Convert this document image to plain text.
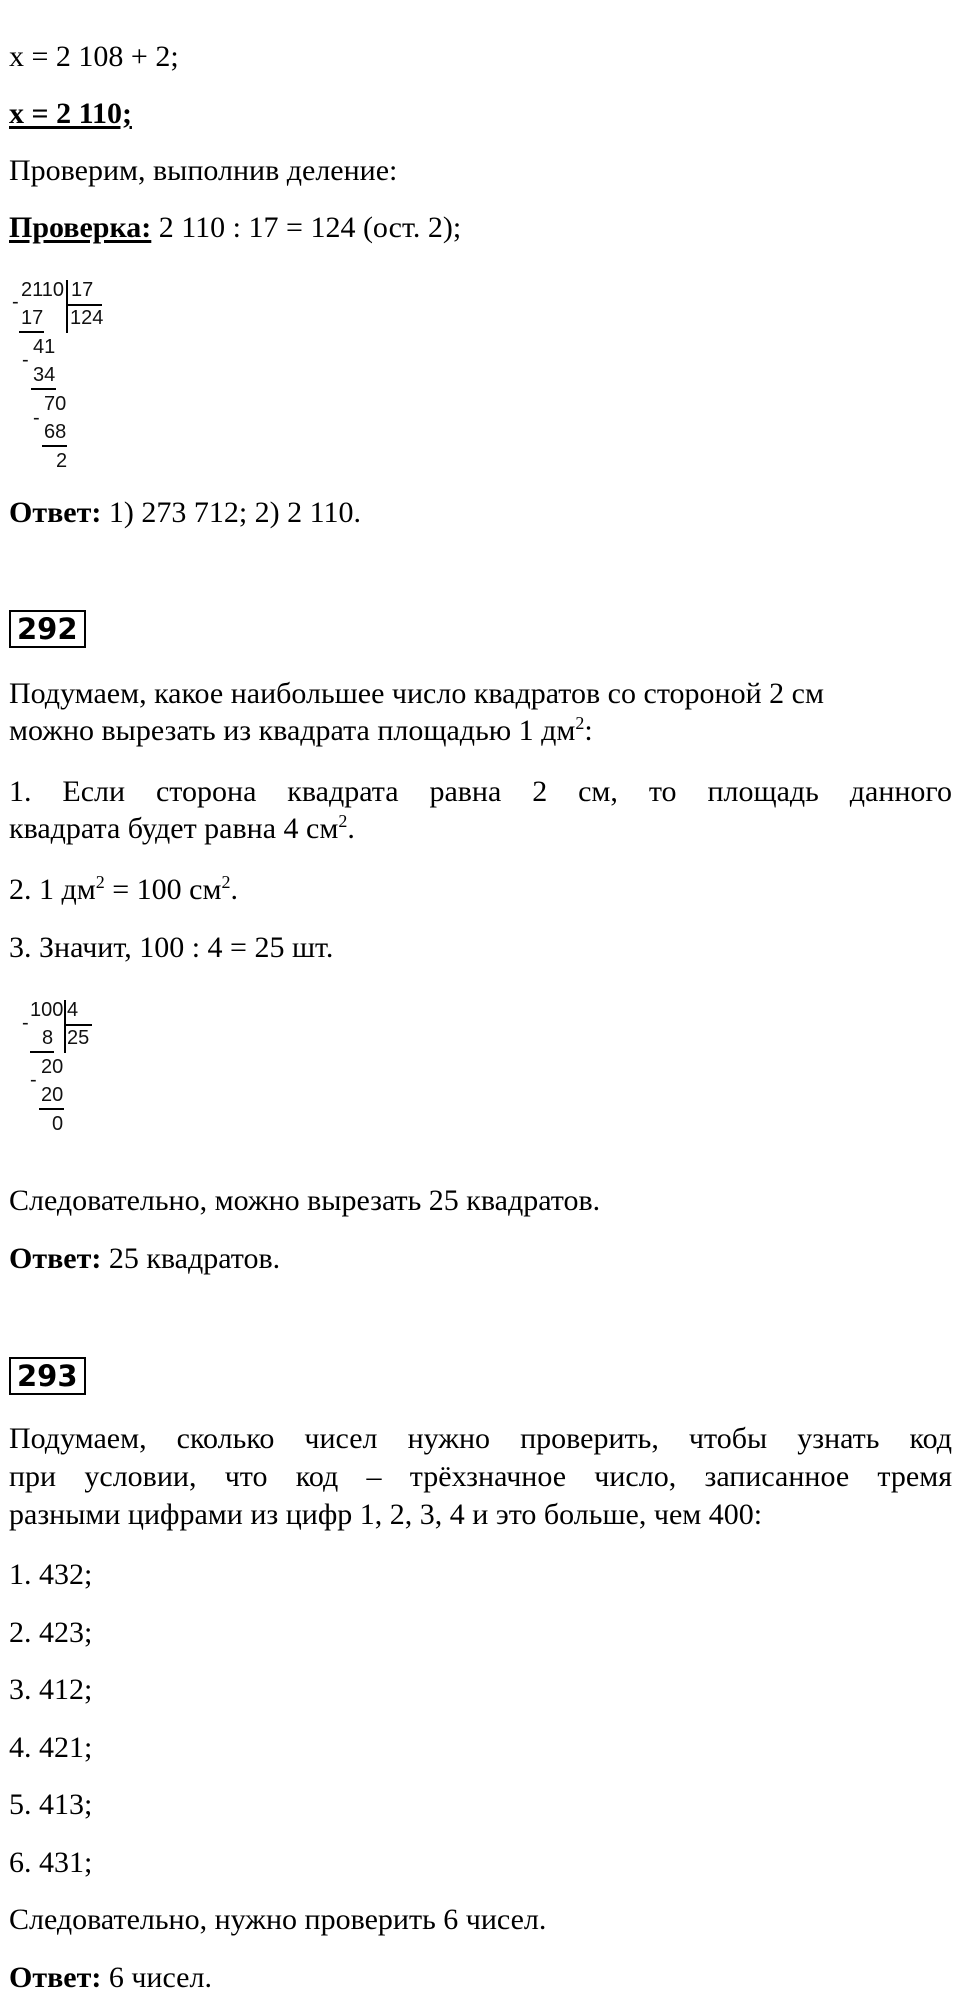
x = 2 108 + 2;
x = 2 110;
Проверим, выполнив деление:
Проверка: 2 110 : 17 = 124 (ост. 2);
2110 17
124
-
17
41
-
34
70
-
68
2
Ответ: 1) 273 712; 2) 2 110.
292
Подумаем, какое наибольшее число квадратов со стороной 2 см
можно вырезать из квадрата площадью 1 $дм^2$:
1. Если сторона квадрата равна 2 см, то площадь данного
квадрата будет равна 4 $см^2$.
2. 1 $дм^2 = 100$ $см^2$.
3. Значит, 100 : 4 = 25 шт.
100 4
25
-
8
20
-
20
0
Следовательно, можно вырезать 25 квадратов.
Ответ: 25 квадратов.
293
Подумаем, сколько чисел нужно проверить, чтобы узнать код
при условии, что код – трёхзначное число, записанное тремя
разными цифрами из цифр 1, 2, 3, 4 и это больше, чем 400:
1. 432;
2. 423;
3. 412;
4. 421;
5. 413;
6. 431;
Следовательно, нужно проверить 6 чисел.
Ответ: 6 чисел.
